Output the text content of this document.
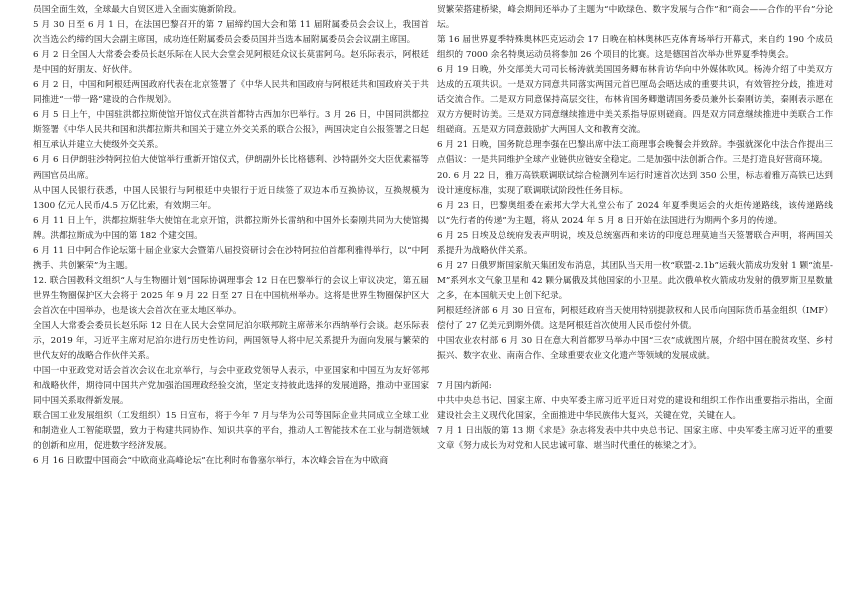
员国全面生效，全球最大自贸区进入全面实施新阶段。

5 月 30 日至 6 月 1 日，在法国巴黎召开的第 7 届缔约国大会和第 11 届附属委员会会议上，我国首次当选公约缔约国大会副主席国，成功连任附属委员会委员国并当选本届附属委员会会议副主席国。

6 月 2 日全国人大常委会委员长赵乐际在人民大会堂会见阿根廷众议长莫雷阿乌。赵乐际表示，阿根廷是中国的好朋友、好伙伴。

6 月 2 日，中国和阿根廷两国政府代表在北京签署了《中华人民共和国政府与阿根廷共和国政府关于共同推进“一带一路”建设的合作规划》。

6 月 5 日上午，中国驻洪都拉斯使馆开馆仪式在洪首都特古西加尔巴举行。3 月 26 日，中国同洪都拉斯签署《中华人民共和国和洪都拉斯共和国关于建立外交关系的联合公报》，两国决定自公报签署之日起相互承认并建立大使级外交关系。

6 月 6 日伊朗驻沙特阿拉伯大使馆举行重新开馆仪式，伊朗副外长比格德利、沙特副外交大臣优素福等两国官员出席。

从中国人民银行获悉，中国人民银行与阿根廷中央银行于近日续签了双边本币互换协议，互换规模为 1300 亿元人民币/4.5 万亿比索，有效期三年。

6 月 11 日上午，洪都拉斯驻华大使馆在北京开馆，洪都拉斯外长雷纳和中国外长秦刚共同为大使馆揭牌。洪都拉斯成为中国的第 182 个建交国。

6 月 11 日中阿合作论坛第十届企业家大会暨第八届投资研讨会在沙特阿拉伯首都利雅得举行，以“中阿携手、共创繁荣”为主题。

12. 联合国教科文组织“人与生物圈计划”国际协调理事会 12 日在巴黎举行的会议上审议决定，第五届世界生物圈保护区大会将于 2025 年 9 月 22 日至 27 日在中国杭州举办。这将是世界生物圈保护区大会首次在中国举办，也是该大会首次在亚太地区举办。

全国人大常委会委员长赵乐际 12 日在人民大会堂同尼泊尔联邦院主席蒂米尔西纳举行会谈。赵乐际表示，2019 年，习近平主席对尼泊尔进行历史性访问，两国领导人将中尼关系提升为面向发展与繁荣的世代友好的战略合作伙伴关系。

中国一中亚政党对话会首次会议在北京举行，与会中亚政党领导人表示，中亚国家和中国互为友好邻邦和战略伙伴，期待同中国共产党加强治国理政经验交流，坚定支持彼此选择的发展道路，推动中亚国家同中国关系取得新发展。

联合国工业发展组织（工发组织）15 日宣布，将于今年 7 月与华为公司等国际企业共同成立全球工业和制造业人工智能联盟，致力于构建共同协作、知识共享的平台，推动人工智能技术在工业与制造领域的创新和应用，促进数字经济发展。

6 月 16 日欧盟中国商会“中欧商业高峰论坛”在比利时布鲁塞尔举行，本次峰会旨在为中欧商

贸繁荣搭建桥梁，峰会期间还举办了主题为“中欧绿色、数字发展与合作”和“商会——合作的平台”分论坛。

第 16 届世界夏季特殊奥林匹克运动会 17 日晚在柏林奥林匹克体育场举行开幕式，来自约 190 个成员组织的 7000 余名特奥运动员将参加 26 个项目的比赛。这是德国首次举办世界夏季特奥会。

6 月 19 日晚，外交部美大司司长杨涛就美国国务卿布林肯访华向中外媒体吹风。杨涛介绍了中美双方达成的五项共识。一是双方同意共同落实两国元首巴厘岛会晤达成的重要共识，有效管控分歧，推进对话交流合作。二是双方同意保持高层交往，布林肯国务卿邀请国务委员兼外长秦刚访美，秦刚表示愿在双方方便时访美。三是双方同意继续推进中美关系指导原则磋商。四是双方同意继续推进中美联合工作组磋商。五是双方同意鼓励扩大两国人文和教育交流。

6 月 21 日晚，国务院总理李强在巴黎出席中法工商理事会晚餐会并致辞。李强就深化中法合作提出三点倡议：一是共同维护全球产业链供应链安全稳定。二是加强中法创新合作。三是打造良好营商环境。

20. 6 月 22 日，雅万高铁联调联试综合检测列车运行时速首次达到 350 公里，标志着雅万高铁已达到设计速度标准，实现了联调联试阶段性任务目标。

6 月 23 日，巴黎奥组委在索邦大学大礼堂公布了 2024 年夏季奥运会的火炬传递路线，该传递路线以“先行者的传递”为主题，将从 2024 年 5 月 8 日开始在法国进行为期两个多月的传递。

6 月 25 日埃及总统府发表声明说，埃及总统塞西和来访的印度总理莫迪当天签署联合声明，将两国关系提升为战略伙伴关系。

6 月 27 日俄罗斯国家航天集团发布消息，其团队当天用一枚“联盟-2.1b”运载火箭成功发射 1 颗“流星-M”系列水文气象卫星和 42 颗分属俄及其他国家的小卫星。此次俄单枚火箭成功发射的俄罗斯卫星数量之多，在本国航天史上创下纪录。

阿根廷经济部 6 月 30 日宣布，阿根廷政府当天使用特别提款权和人民币向国际货币基金组织（IMF）偿付了 27 亿美元到期外债。这是阿根廷首次使用人民币偿付外债。

中国农业农村部 6 月 30 日在意大利首都罗马举办中国“三农”成就图片展，介绍中国在脱贫攻坚、乡村振兴、数字农业、南南合作、全球重要农业文化遗产等领域的发展成就。

7 月国内新闻:

中共中央总书记、国家主席、中央军委主席习近平近日对党的建设和组织工作作出重要指示指出，全面建设社会主义现代化国家，全面推进中华民族伟大复兴，关键在党，关键在人。

7 月 1 日出版的第 13 期《求是》杂志将发表中共中央总书记、国家主席、中央军委主席习近平的重要文章《努力成长为对党和人民忠诚可靠、堪当时代重任的栋梁之才》。
